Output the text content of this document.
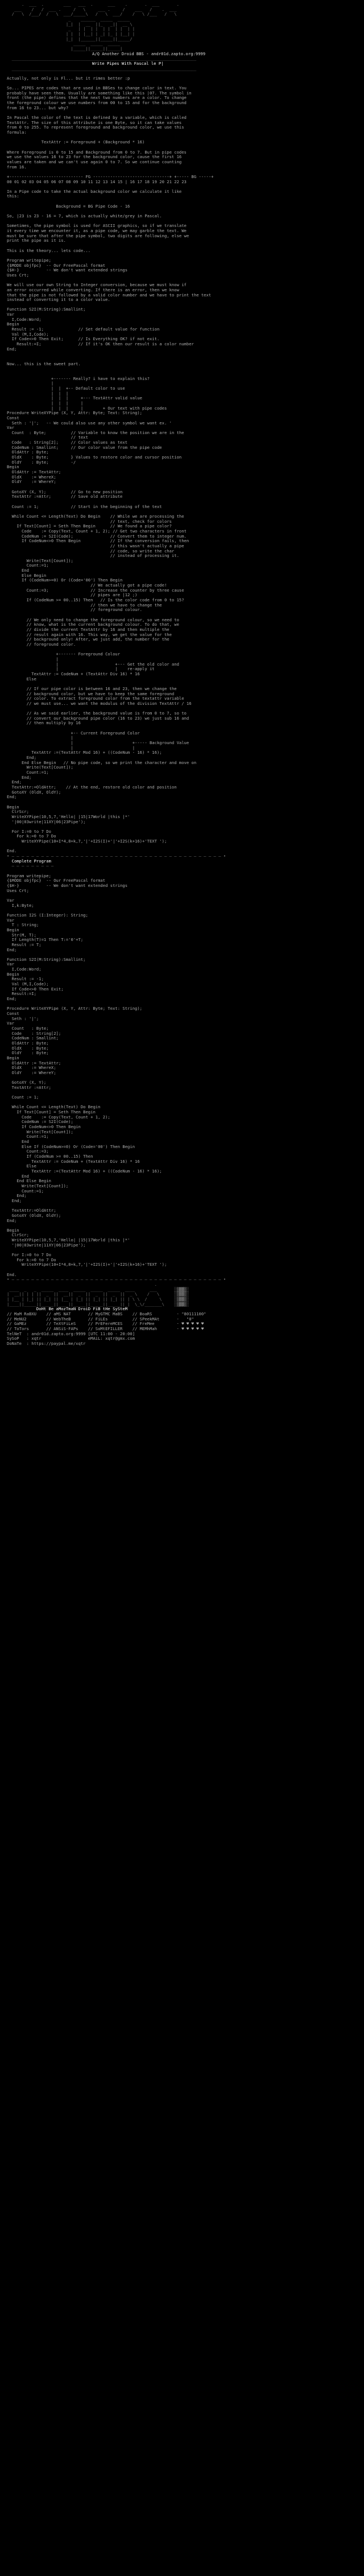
.  ___  .        ___   ___  .      ___    .       .  ___       .
___    /   /  ___ .     /   \     ___ .     /    ___   /    .  ___
/   \  /___/  /   \  ___/_____\   /   \  ___/    /   \ /___   /   \
_    ______  _____  _____
|_|  |  __  ||_   _||  __ \
_   | |  | |  | |  | |  | |
| |  | |__| | _| |_ | |__| |
|_|  |______||_____||_____/
_____  _____  _____
|_____||_____||_____|
A/Q Another Droid BBS - andr01d.zapto.org:9999
___________________________________________________________________________
Write Pipes With Fascal le P|
___________________________________________________________________________
Actually, not only is Fl... but it rimes better :p
So... PIPES are codes that are used in BBSes to change color in text. You
probably have seen them. Usually are something like this |07. The symbol in
front (the pipe) defines that the next two numbers are a color. To change
the foreground colour we use numbers from 00 to 15 and for the background
from 16 to 23... but why?
In Pascal the color of the text is defined by a variable, which is called
TextAttr. The size of this attribute is one Byte, so it can take values
from 0 to 255. To represent foreground and background color, we use this
formula:
TextAttr := Foreground + (Background * 16)
Where Foreground is 0 to 15 and Background from 0 to 7. But in pipe codes
we use the values 16 to 23 for the background color, cause the first 16
values are taken and we can't use again 0 to 7. So we continue counting
from 16.
+------------------------------ FG -------------------------------+ +----- BG -----+
00 01 02 03 04 05 06 07 08 09 10 11 12 13 14 15 | 16 17 18 19 20 21 22 23
In a Pipe code to take the actual background color we calculate it like
this:
Background = BG Pipe Code - 16
So, |23 is 23 - 16 = 7, which is actually white/grey in Pascal.
Sometimes, the pipe symbol is used for ASCII graphics, so if we translate
it every time we encounter it, as a pipe code, we may garble the text. We
must be sure that after the pipe symbol, two digits are following, else we
print the pipe as it is.
This is the theory... lets code...
Program writepipe;
{$MODE objfpc}  -- Our FreePascal format
{$H-}           -- We don't want extended strings
Uses Crt;
We will use our own String to Integer conversion, because we must know if
an error occurred while converting. If there is an error, then we know
that the pipe is not followed by a valid color number and we have to print the text
instead of converting it to a color value.
Function S2I(M:String):Smallint;
Var
I,Code:Word;
Begin
Result := -1;              // Set default value for function
Val (M,I,Code);
If Code<>0 Then Exit;      // Is Everything OK? if not exit.
Result:=I;               // If it's OK then our result is a color number
End;
Now... this is the sweet part.
+------- Really? i have to explain this?
|
|  |  +-- Default color to use
|  |  |
|  |  |     +--- TextAttr valid value
|  |  |     |
|  |  |     |        + Our text with pipe codes
Procedure WriteXYPipe (X, Y, Attr: Byte; Text: String);
Const
Seth : '|';   -- We could also use any other symbol we want ex. '
Var
Count  : Byte;          // Variable to know the position we are in the
// text
Code   : String[2];     // Color values as text
CodeNum : Smallint;     // Our color value from the pipe code
OldAttr : Byte;
OldX    : Byte;         } Values to restore color and cursor position
OldY    : Byte;         -/
Begin
OldAttr := TextAttr;
OldX    := WhereX;
OldY    := WhereY;
GotoXY (X, Y);          // Go to new position
TextAttr :=Attr;        // Save old attribute
Count := 1;             // Start in the beginning of the text
While Count <= Length(Text) Do Begin    // While we are processing the
// text, check for colors
If Text[Count] = Seth Then Begin      // We found a pipe color?
Code    := Copy(Text, Count + 1, 2); // Get two characters in front
CodeNum := S2I(Code);               // Convert them to integer num.
If CodeNum<>0 Then Begin            // If the conversion fails, then
// this wasn't actually a pipe
// code, so write the char
// instead of processing it.
Write(Text[Count]);
Count:=1;
End
Else Begin
If (CodeNum>=0) Or (Code='00') Then Begin
// We actually got a pipe code!
Count:=3;                 // Increase the counter by three cause
// pipes are |12 ;)
If (CodeNum >= 00..15) Then   // Is the color code from 0 to 15?
// then we have to change the
// foreground colour.
// We only need to change the foreground colour, so we need to
// know, what is the current background colour. To do that, we
// divide the current TextAttr by 16 and then multiple the
// result again with 16. This way, we get the value for the
// background only! After, we just add, the number for the
// foreground color.
+------- Foreground Colour
|
|                       +--- Get the old color and
|                       |    re-apply it
TextAttr := CodeNum + (TextAttr Div 16) * 16
Else
// If our pipe color is between 16 and 23, then we change the
// background color, but we have to keep the same foreground
// color. To extract foreground color from the textattr variable
// we must use... we want the modulus of the division TextAttr / 16
// As we said earlier, the background value is from 0 to 7, so to
// convert our background pipe color (16 to 23) we just sub 16 and
// then multiply by 16
+-- Current Foreground Color
|
|                        +----- Background Value
|                        |
TextAttr :=(TextAttr Mod 16) + ((CodeNum - 16) * 16);
End;
End Else Begin   // No pipe code, so we print the character and move on
Write(Text[Count]);
Count:=1;
End;
End;
TextAttr:=OldAttr;    // At the end, restore old color and position
GotoXY (OldX, OldY);
End;
Begin
ClrScr;
WriteXYPipe(10,5,7,'Hello| |15|17World |this |*'
'|00|03write|11XY|06|23Pipe');
For I:=0 to 7 Do
For k:=0 to 7 Do
WriteXYPipe(10+I*4,8+k,7,'|'+I2S(I)+'|'+I2S(k+16)+'TEXT ');
End.
• — — — — — — — — — — — — — — — — — — — — — — — — — — — — — — — — — — — — — — — — — — — •
Complete Program
— — — — — — — — —
Program writepipe;
{$MODE objfpc}  -- Our FreePascal format
{$H-}           -- We don't want extended strings
Uses Crt;
Var
I,k:Byte;
Function I2S (I:Integer): String;
Var
T : String;
Begin
Str(M, T);
If Length(T)=1 Then T:='0'+T;
Result := T;
End;
Function S2I(M:String):Smallint;
Var
I,Code:Word;
Begin
Result := -1;
Val (M,I,Code);
If Code<>0 Then Exit;
Result:=I;
End;
Procedure WriteXYPipe (X, Y, Attr: Byte; Text: String);
Const
Seth : '|';
Var
Count   : Byte;
Code    : String[2];
CodeNum : Smallint;
OldAttr : Byte;
OldX    : Byte;
OldY    : Byte;
Begin
OldAttr := TextAttr;
OldX    := WhereX;
OldY    := WhereY;
GotoXY (X, Y);
TextAttr :=Attr;
Count := 1;
While Count <= Length(Text) Do Begin
If Text[Count] = Seth Then Begin
Code    := Copy(Text, Count + 1, 2);
CodeNum := S2I(Code);
If CodeNum<>0 Then Begin
Write(Text[Count]);
Count:=1;
End
Else If (CodeNum>=0) Or (Code='00') Then Begin
Count:=3;
If (CodeNum >= 00..15) Then
TextAttr := CodeNum + (TextAttr Div 16) * 16
Else
TextAttr :=(TextAttr Mod 16) + ((CodeNum - 16) * 16);
End
End Else Begin
Write(Text[Count]);
Count:=1;
End;
End;
TextAttr:=OldAttr;
GotoXY (OldX, OldY);
End;
Begin
ClrScr;
WriteXYPipe(10,5,7,'Hello| |15|17World |this |*'
'|00|03write|11XY|06|23Pipe');
For I:=0 to 7 Do
For k:=0 to 7 Do
WriteXYPipe(10+I*4,8+k,7,'|'+I2S(I)+'|'+I2S(k+16)+'TEXT ');
End.
• — — — — — — — — — — — — — — — — — — — — — — — — — — — — — — — — — — — — — — — — — — — •
.
____  _   _  _____  ____  _____  _____  _____  ____      ___       ░▒▓▓▒░
|  __|| | | ||  _  ||  __||  _  ||  _  ||  _  ||  _ \    /   \      ░▒▓▓▒░
| |__ | |_| || |_| || |__ | |_| || |_| || |_| || | \ \  /     \     ░▒▓▓▒░
|____||_____||_____||____||_____||_____||_____||_|  \_\/_______\    ░▒▓▓▒░
DoHt Be aMozTmaN DroiD FiB tHe SySteM
// MaM RaBXU    // aMS NAT       // MyGTMC MaBS    // BoaRS          · "80111100"
// MeNU2        // WebTheB       // FiLEs          // SPeekMAt       ·   "0"
// GaMEz        // TeXtFiLeS     // PrEFereMCES    // FreMee         · ♥ ♥ ♥ ♥ ♥
// ToTors       // ANSiS-FAPs    // SoMtEFILLER    // MEMhMah        · ♥ ♥ ♥ ♥ ♥
TelNeT  : andr01d.zapto.org:9999 [UTC 11:00 - 20:00]
SySoP   : xqtr                   eMAiL: xqtr@gmx.com
DoNaTe  : https://paypal.me/xqtr
